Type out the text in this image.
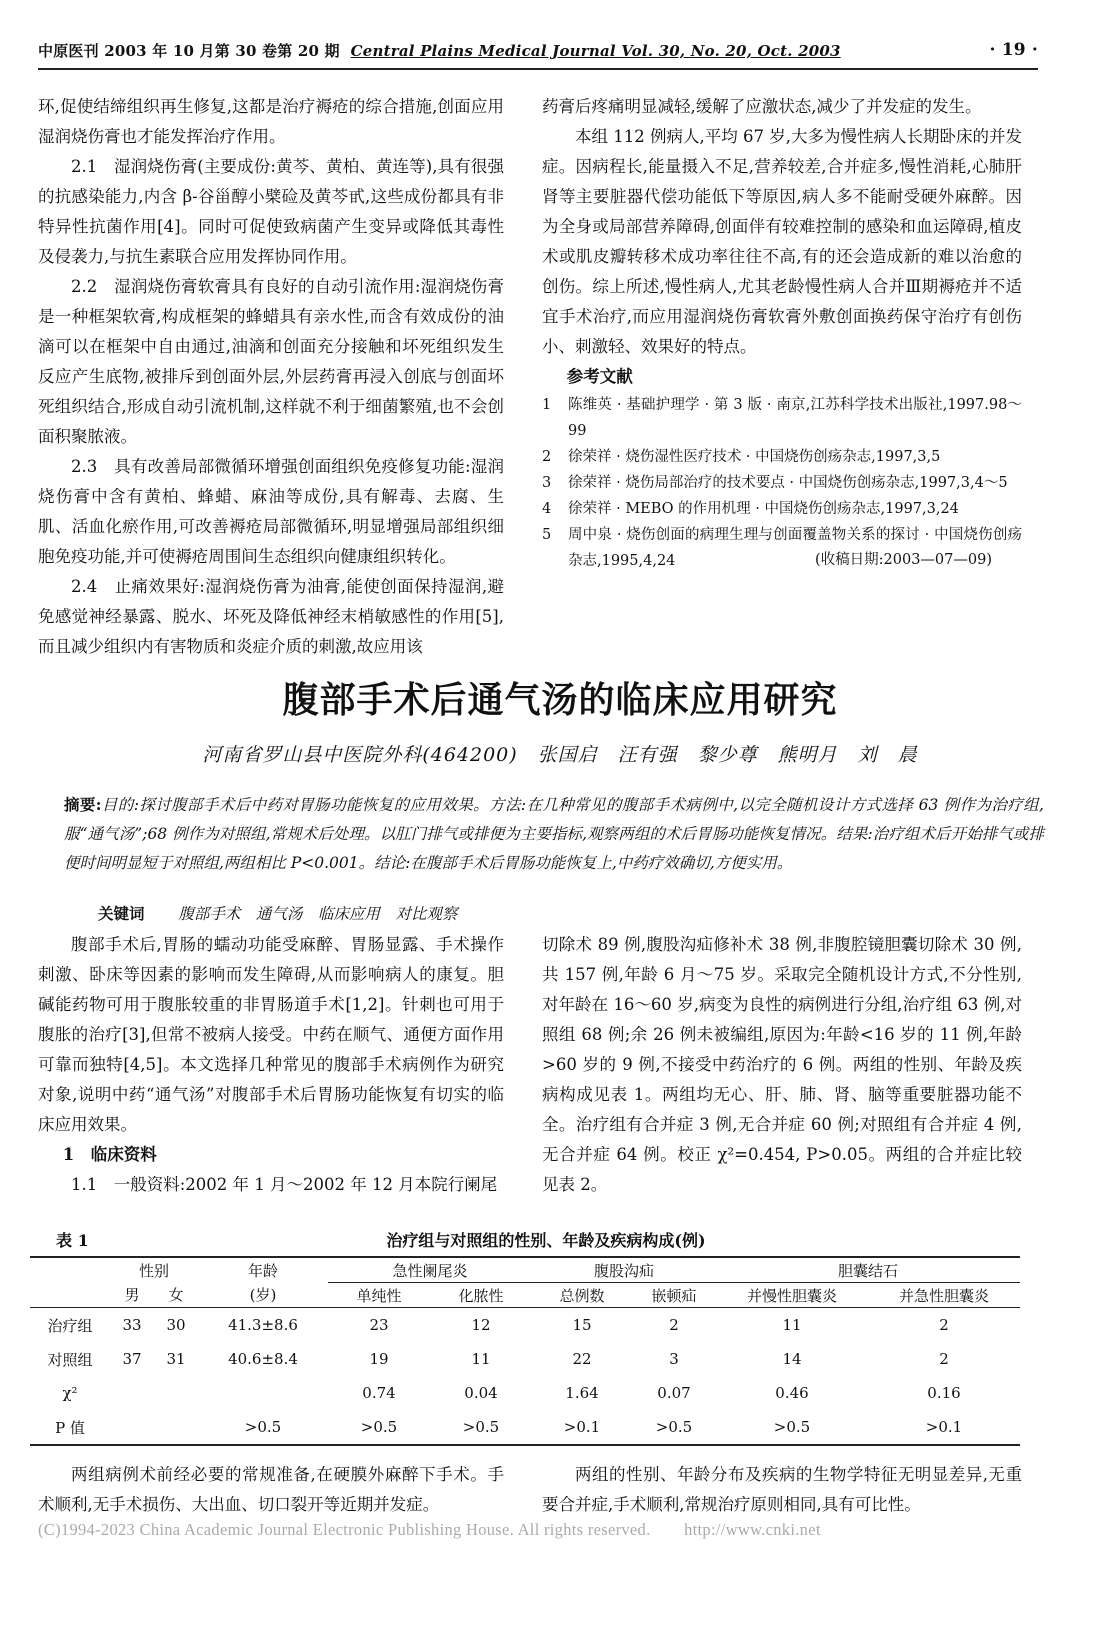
中原医刊 2003 年 10 月第 30 卷第 20 期 Central Plains Medical Journal Vol. 30, No. 20, Oct. 2003	· 19 ·

环,促使结缔组织再生修复,这都是治疗褥疮的综合措施,创面应用湿润烧伤膏也才能发挥治疗作用。

2.1　湿润烧伤膏(主要成份:黄芩、黄柏、黄连等),具有很强的抗感染能力,内含 β-谷甾醇小檗硷及黄芩甙,这些成份都具有非特异性抗菌作用[4]。同时可促使致病菌产生变异或降低其毒性及侵袭力,与抗生素联合应用发挥协同作用。

2.2　湿润烧伤膏软膏具有良好的自动引流作用:湿润烧伤膏是一种框架软膏,构成框架的蜂蜡具有亲水性,而含有效成份的油滴可以在框架中自由通过,油滴和创面充分接触和坏死组织发生反应产生底物,被排斥到创面外层,外层药膏再浸入创底与创面坏死组织结合,形成自动引流机制,这样就不利于细菌繁殖,也不会创面积聚脓液。

2.3　具有改善局部微循环增强创面组织免疫修复功能:湿润烧伤膏中含有黄柏、蜂蜡、麻油等成份,具有解毒、去腐、生肌、活血化瘀作用,可改善褥疮局部微循环,明显增强局部组织细胞免疫功能,并可使褥疮周围间生态组织向健康组织转化。

2.4　止痛效果好:湿润烧伤膏为油膏,能使创面保持湿润,避免感觉神经暴露、脱水、坏死及降低神经末梢敏感性的作用[5],而且减少组织内有害物质和炎症介质的刺激,故应用该

药膏后疼痛明显减轻,缓解了应激状态,减少了并发症的发生。

本组 112 例病人,平均 67 岁,大多为慢性病人长期卧床的并发症。因病程长,能量摄入不足,营养较差,合并症多,慢性消耗,心肺肝肾等主要脏器代偿功能低下等原因,病人多不能耐受硬外麻醉。因为全身或局部营养障碍,创面伴有较难控制的感染和血运障碍,植皮术或肌皮瓣转移术成功率往往不高,有的还会造成新的难以治愈的创伤。综上所述,慢性病人,尤其老龄慢性病人合并Ⅲ期褥疮并不适宜手术治疗,而应用湿润烧伤膏软膏外敷创面换药保守治疗有创伤小、刺激轻、效果好的特点。

参考文献

1	陈维英 · 基础护理学 · 第 3 版 · 南京,江苏科学技术出版社,1997.98～99
2	徐荣祥 · 烧伤湿性医疗技术 · 中国烧伤创疡杂志,1997,3,5
3	徐荣祥 · 烧伤局部治疗的技术要点 · 中国烧伤创疡杂志,1997,3,4～5
4	徐荣祥 · MEBO 的作用机理 · 中国烧伤创疡杂志,1997,3,24
5	周中泉 · 烧伤创面的病理生理与创面覆盖物关系的探讨 · 中国烧伤创疡杂志,1995,4,24	(收稿日期:2003—07—09)
腹部手术后通气汤的临床应用研究
河南省罗山县中医院外科(464200)　张国启　汪有强　黎少尊　熊明月　刘　晨
摘要:目的:探讨腹部手术后中药对胃肠功能恢复的应用效果。方法:在几种常见的腹部手术病例中,以完全随机设计方式选择 63 例作为治疗组,服“通气汤”;68 例作为对照组,常规术后处理。以肛门排气或排便为主要指标,观察两组的术后胃肠功能恢复情况。结果:治疗组术后开始排气或排便时间明显短于对照组,两组相比 P<0.001。结论:在腹部手术后胃肠功能恢复上,中药疗效确切,方便实用。
关键词 腹部手术　通气汤　临床应用　对比观察

腹部手术后,胃肠的蠕动功能受麻醉、胃肠显露、手术操作刺激、卧床等因素的影响而发生障碍,从而影响病人的康复。胆碱能药物可用于腹胀较重的非胃肠道手术[1,2]。针刺也可用于腹胀的治疗[3],但常不被病人接受。中药在顺气、通便方面作用可靠而独特[4,5]。本文选择几种常见的腹部手术病例作为研究对象,说明中药“通气汤”对腹部手术后胃肠功能恢复有切实的临床应用效果。

1　临床资料

1.1　一般资料:2002 年 1 月～2002 年 12 月本院行阑尾

切除术 89 例,腹股沟疝修补术 38 例,非腹腔镜胆囊切除术 30 例,共 157 例,年龄 6 月～75 岁。采取完全随机设计方式,不分性别,对年龄在 16～60 岁,病变为良性的病例进行分组,治疗组 63 例,对照组 68 例;余 26 例未被编组,原因为:年龄<16 岁的 11 例,年龄>60 岁的 9 例,不接受中药治疗的 6 例。两组的性别、年龄及疾病构成见表 1。两组均无心、肝、肺、肾、脑等重要脏器功能不全。治疗组有合并症 3 例,无合并症 60 例;对照组有合并症 4 例,无合并症 64 例。校正 χ²=0.454, P>0.05。两组的合并症比较见表 2。

表 1	治疗组与对照组的性别、年龄及疾病构成(例)
	性别		年龄	急性阑尾炎		腹股沟疝		胆囊结石	
	男	女	(岁)	单纯性	化脓性	总例数	嵌顿疝	并慢性胆囊炎	并急性胆囊炎
治疗组	33	30	41.3±8.6	23	12	15	2	11	2
对照组	37	31	40.6±8.4	19	11	22	3	14	2
χ²				0.74	0.04	1.64	0.07	0.46	0.16
P 值			>0.5	>0.5	>0.5	>0.1	>0.5	>0.5	>0.1

两组病例术前经必要的常规准备,在硬膜外麻醉下手术。手术顺利,无手术损伤、大出血、切口裂开等近期并发症。

两组的性别、年龄分布及疾病的生物学特征无明显差异,无重要合并症,手术顺利,常规治疗原则相同,具有可比性。

(C)1994-2023 China Academic Journal Electronic Publishing House. All rights reserved.　　http://www.cnki.net
